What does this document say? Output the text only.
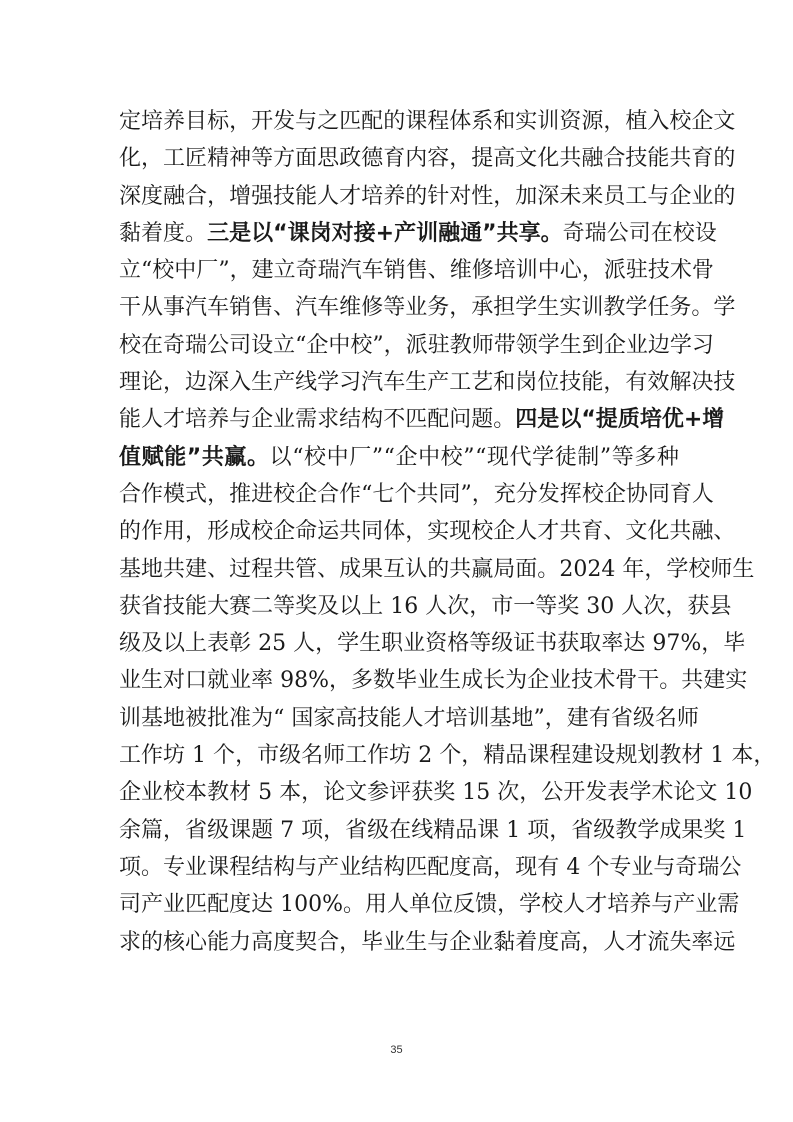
定 培 养 目 标 ， 开 发 与 之 匹 配 的 课 程 体 系 和 实 训 资 源 ， 植 入 校 企 文
化 ， 工 匠 精 神 等 方 面 思 政 德 育 内 容 ， 提 高 文 化 共 融 合 技 能 共 育 的
深 度 融 合 ， 增 强 技 能 人 才 培 养 的 针 对 性 ， 加 深 未 来 员 工 与 企 业 的
黏 着 度 。 三 是 以 “ 课 岗 对 接 + 产 训 融 通 ” 共 享 。 奇 瑞 公 司 在 校 设
立 “ 校 中 厂 ” ， 建 立 奇 瑞 汽 车 销 售 、 维 修 培 训 中 心 ， 派 驻 技 术 骨
干 从 事 汽 车 销 售 、 汽 车 维 修 等 业 务 ， 承 担 学 生 实 训 教 学 任 务 。 学
校 在 奇 瑞 公 司 设 立 “ 企 中 校 ” ， 派 驻 教 师 带 领 学 生 到 企 业 边 学 习
理 论 ， 边 深 入 生 产 线 学 习 汽 车 生 产 工 艺 和 岗 位 技 能 ， 有 效 解 决 技
能 人 才 培 养 与 企 业 需 求 结 构 不 匹 配 问 题 。 四 是 以 “ 提 质 培 优 + 增
值 赋 能 ” 共 赢 。 以 “ 校 中 厂 ” “ 企 中 校 ” “ 现 代 学 徒 制 ” 等 多 种
合 作 模 式 ， 推 进 校 企 合 作 “ 七 个 共 同 ” ， 充 分 发 挥 校 企 协 同 育 人
的 作 用 ， 形 成 校 企 命 运 共 同 体 ， 实 现 校 企 人 才 共 育 、 文 化 共 融 、
基 地 共 建 、 过 程 共 管 、 成 果 互 认 的 共 赢 局 面 。 2 0 2 4
年 ， 学 校 师 生
获 省 技 能 大 赛 二 等 奖 及 以 上
1 6
人 次 ， 市 一 等 奖
3 0
人 次 ， 获 县
级 及 以 上 表 彰
2 5
人 ， 学 生 职 业 资 格 等 级 证 书 获 取 率 达
9 7 % ， 毕
业 生 对 口 就 业 率
9 8 % ， 多 数 毕 业 生 成 长 为 企 业 技 术 骨 干 。 共 建 实
训 基 地 被 批 准 为 “
国 家 高 技 能 人 才 培 训 基 地 ” ， 建 有 省 级 名 师
工 作 坊
1
个 ， 市 级 名 师 工 作 坊
2
个 ， 精 品 课 程 建 设 规 划 教 材
1
本 ，
企 业 校 本 教 材
5
本 ， 论 文 参 评 获 奖
1 5
次 ， 公 开 发 表 学 术 论 文
1 0
余 篇 ， 省 级 课 题
7
项 ， 省 级 在 线 精 品 课
1
项 ， 省 级 教 学 成 果 奖
1
项 。 专 业 课 程 结 构 与 产 业 结 构 匹 配 度 高 ， 现 有
4
个 专 业 与 奇 瑞 公
司 产 业 匹 配 度 达
1 0 0 % 。 用 人 单 位 反 馈 ， 学 校 人 才 培 养 与 产 业 需
求 的 核 心 能 力 高 度 契 合 ， 毕 业 生 与 企 业 黏 着 度 高 ， 人 才 流 失 率 远
35
